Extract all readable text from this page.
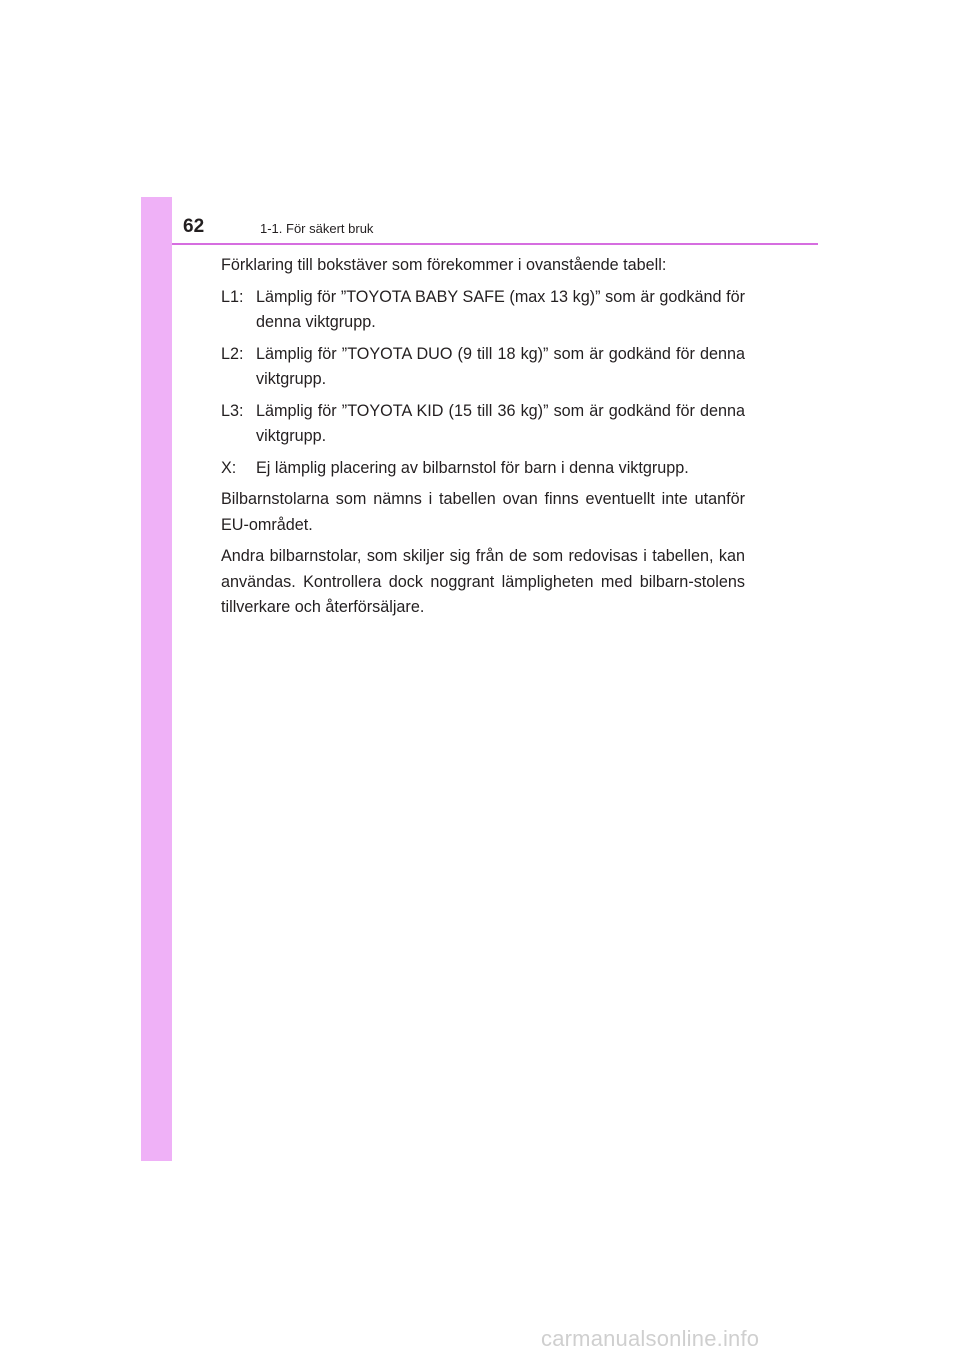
62	1-1. För säkert bruk

Förklaring till bokstäver som förekommer i ovanstående tabell:

L1: Lämplig för ”TOYOTA BABY SAFE (max 13 kg)” som är godkänd för denna viktgrupp.
L2: Lämplig för ”TOYOTA DUO (9 till 18 kg)” som är godkänd för denna viktgrupp.
L3: Lämplig för ”TOYOTA KID (15 till 36 kg)” som är godkänd för denna viktgrupp.
X:	Ej lämplig placering av bilbarnstol för barn i denna viktgrupp.

Bilbarnstolarna som nämns i tabellen ovan finns eventuellt inte utanför EU-området.

Andra bilbarnstolar, som skiljer sig från de som redovisas i tabellen, kan användas. Kontrollera dock noggrant lämpligheten med bilbarn-stolens tillverkare och återförsäljare.

carmanualsonline.info
